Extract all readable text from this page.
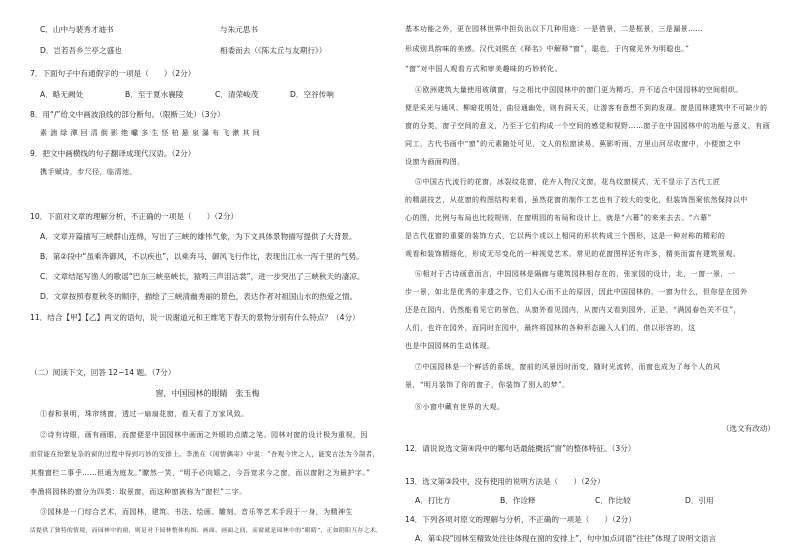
C．山中与裴秀才迪书	与朱元思书
D．岂若吾乡兰亭之盛也	相委而去（《陈太丘与友期行》）
7．下面句子中有通假字的一项是（　　）（2分）
A．略无阙处	B．至于夏水襄陵	C．清荣峻茂	D．空谷传响
8．用“/”给文中画波浪线的部分断句。（限断三处）（3分）
素 湍 绿 潭 回 清 倒 影 绝 巘 多 生 怪 柏 悬 泉 瀑 布 飞 漱 其 间
9．把文中画横线的句子翻译成现代汉语。（2分）
携手赋诗，步尺径，临清池。
10．下面对文章的理解分析，不正确的一项是（　　）（2分）
A．文章开篇描写三峡群山连绵，写出了三峡的雄伟气象，为下文具体景物描写提供了大背景。
B．第②段中“虽乘奔御风，不以疾也”，以乘奔马、御风飞行作比，表现出江水一泻千里的气势。
C．文章结尾写渔人的歌谣“巴东三峡巫峡长，猿鸣三声泪沾裳”，进一步突出了三峡秋天的凄凉。
D．文章按照春夏秋冬的顺序，描绘了三峡清幽秀丽的景色，表达作者对祖国山水的热爱之情。
11．结合【甲】【乙】两文的语句，说一说谢道元和王维笔下春天的景物分别有什么特点？（4分）
（二）阅读下文，回答 12~14 题。（7分）
窗，中国园林的眼睛　张玉梅
①春和景明，珠帘绣窗，透过一扇扇花窗，看天看了万家风致。
②诗有诗眼，画有画眼，而窗便是中国园林中画面之外眼的点睛之笔。园林对窗的设计极为重视，因
而常能在纷繁复杂的窗的过程中得到巧妙的安排上。李渔在《闲情偶寄》中说：“吾观今世之人，能变古法为今制者，
其惟窗栏二事乎……但通为庭友。”瞭然一笑，“明予必向嬉之，今吾宽求今之窗，而以窗附之为最护字。”
李渔将园林的窗分为四类：取景窗，而这种窗被称为“窗栏”二字。
③园林是一门综合艺术，而园林，建筑、书法、绘画、雕刻、音乐等艺术手段于一身，为精神生
活提供了独特的情境，而园林中的窗，则是对于园林整体构图、画面、画面之间，而窗就是园林中的“眼睛”，正如阴阳互存之术。
基本功能之外，更在园林世界中担负出以下几种用途：一是借景，二是框景，三是漏景……
形成别具韵味的美感。汉代刘熙在《释名》中解释“窗”，聪也，于内窥见外为明聪也。”
“窗”对中国人观看方式和审美趣味的巧妙转化。
④欧洲建筑大量使用玻璃窗，与之相比中国园林中的窗门更为精巧，并不适合中国园林的空间组织。
便是采光与通风、柳暗花明处，曲径通幽处，则有洞天天，让游客有意想不到的发现。窗是园林建筑中不可缺少的
窗的分类，窗子空间的意义，乃至于它们构成一个空间的感觉和视野……窗子在中国园林中的功能与意义，有画
同工，古代书画中“窗”的元素随处可见，文人的松窗读易，蕉影听雨，万里山河尽收窗中，小便窗之中
设窗为画面构图。
⑤中国古代流行的花窗，冰裂纹花窗，花卉人物汉文窗，花鸟纹窗棂式，无不显示了古代工匠
的精湛技艺，从花窗的构图结构来看，虽然花窗的制作工艺也有了较大的变化，但装饰图案依然保持以中
心的图，比例与布局也比较规则，在窗明园的布局和设计上，就是“六幕”的来来去去。“六幕”
是古代花窗的重要的装饰方式，它以两个或以上相同的形状构成三个图形，这是一种对称的精彩的
观看和装饰精细化，形成无尽变化的一种视觉艺术。常见的花窗图样还有许多，精美而富有建筑景观。
⑥相对于古诗画意而言，中国园林是隔廊与建筑园林相存在的，张家园的设计，北，一窗一景，一
步一景，如北是优秀的非遗之作，它们人心而不止的原因，因此中国园林的，一窗为什么，但你是在园外
还是在园内，仍然能看见它的景色，从窗外看见园内，从窗内又看到园外，正是，“满园春色关不住”，
人们，也许在园外，而同时在园中，最终将园林的各种形态融入人们的，借以形容的，这
也是中国园林的生动体现。
⑦中国园林是一个鲜活的系统，窗前的风景因时而变，随时光流转，而窗也成为了每个人的风
景，“明月装饰了你的窗子，你装饰了别人的梦”。
⑧小窗中藏有世界的大观。
（选文有改动）
12．请说说选文第④段中的哪句话最能概括“窗”的整体特征。（3分）
13．选文第③段中，没有使用的说明方法是（　　）（2分）
A．打比方	B．作诠释	C．作比较	D．引用
14．下列各项对原文的理解与分析，不正确的一项是（　　）（2分）
A．第①段“园林至精致处往往体现在窗的安排上”，句中加点词语“往往”体现了说明文语言
